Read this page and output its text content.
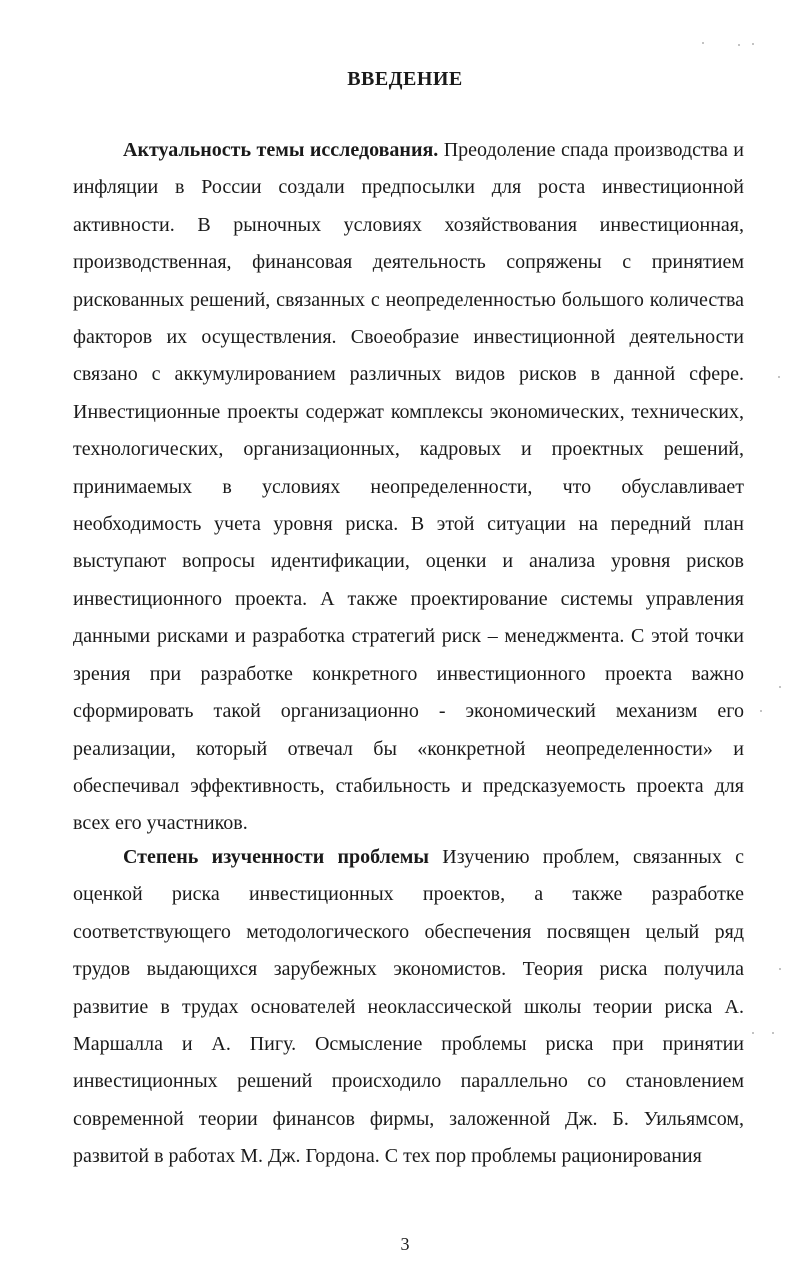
ВВЕДЕНИЕ

Актуальность темы исследования. Преодоление спада производства и инфляции в России создали предпосылки для роста инвестиционной активности. В рыночных условиях хозяйствования инвестиционная, производственная, финансовая деятельность сопряжены с принятием рискованных решений, связанных с неопределенностью большого количества факторов их осуществления. Своеобразие инвестиционной деятельности связано с аккумулированием различных видов рисков в данной сфере. Инвестиционные проекты содержат комплексы экономических, технических, технологических, организационных, кадровых и проектных решений, принимаемых в условиях неопределенности, что обуславливает необходимость учета уровня риска. В этой ситуации на передний план выступают вопросы идентификации, оценки и анализа уровня рисков инвестиционного проекта. А также проектирование системы управления данными рисками и разработка стратегий риск – менеджмента. С этой точки зрения при разработке конкретного инвестиционного проекта важно сформировать такой организационно - экономический механизм его реализации, который отвечал бы «конкретной неопределенности» и обеспечивал эффективность, стабильность и предсказуемость проекта для всех его участников.

Степень изученности проблемы Изучению проблем, связанных с оценкой риска инвестиционных проектов, а также разработке соответствующего методологического обеспечения посвящен целый ряд трудов выдающихся зарубежных экономистов. Теория риска получила развитие в трудах основателей неоклассической школы теории риска А. Маршалла и А. Пигу. Осмысление проблемы риска при принятии инвестиционных решений происходило параллельно со становлением современной теории финансов фирмы, заложенной Дж. Б. Уильямсом, развитой в работах М. Дж. Гордона. С тех пор проблемы рационирования

3
